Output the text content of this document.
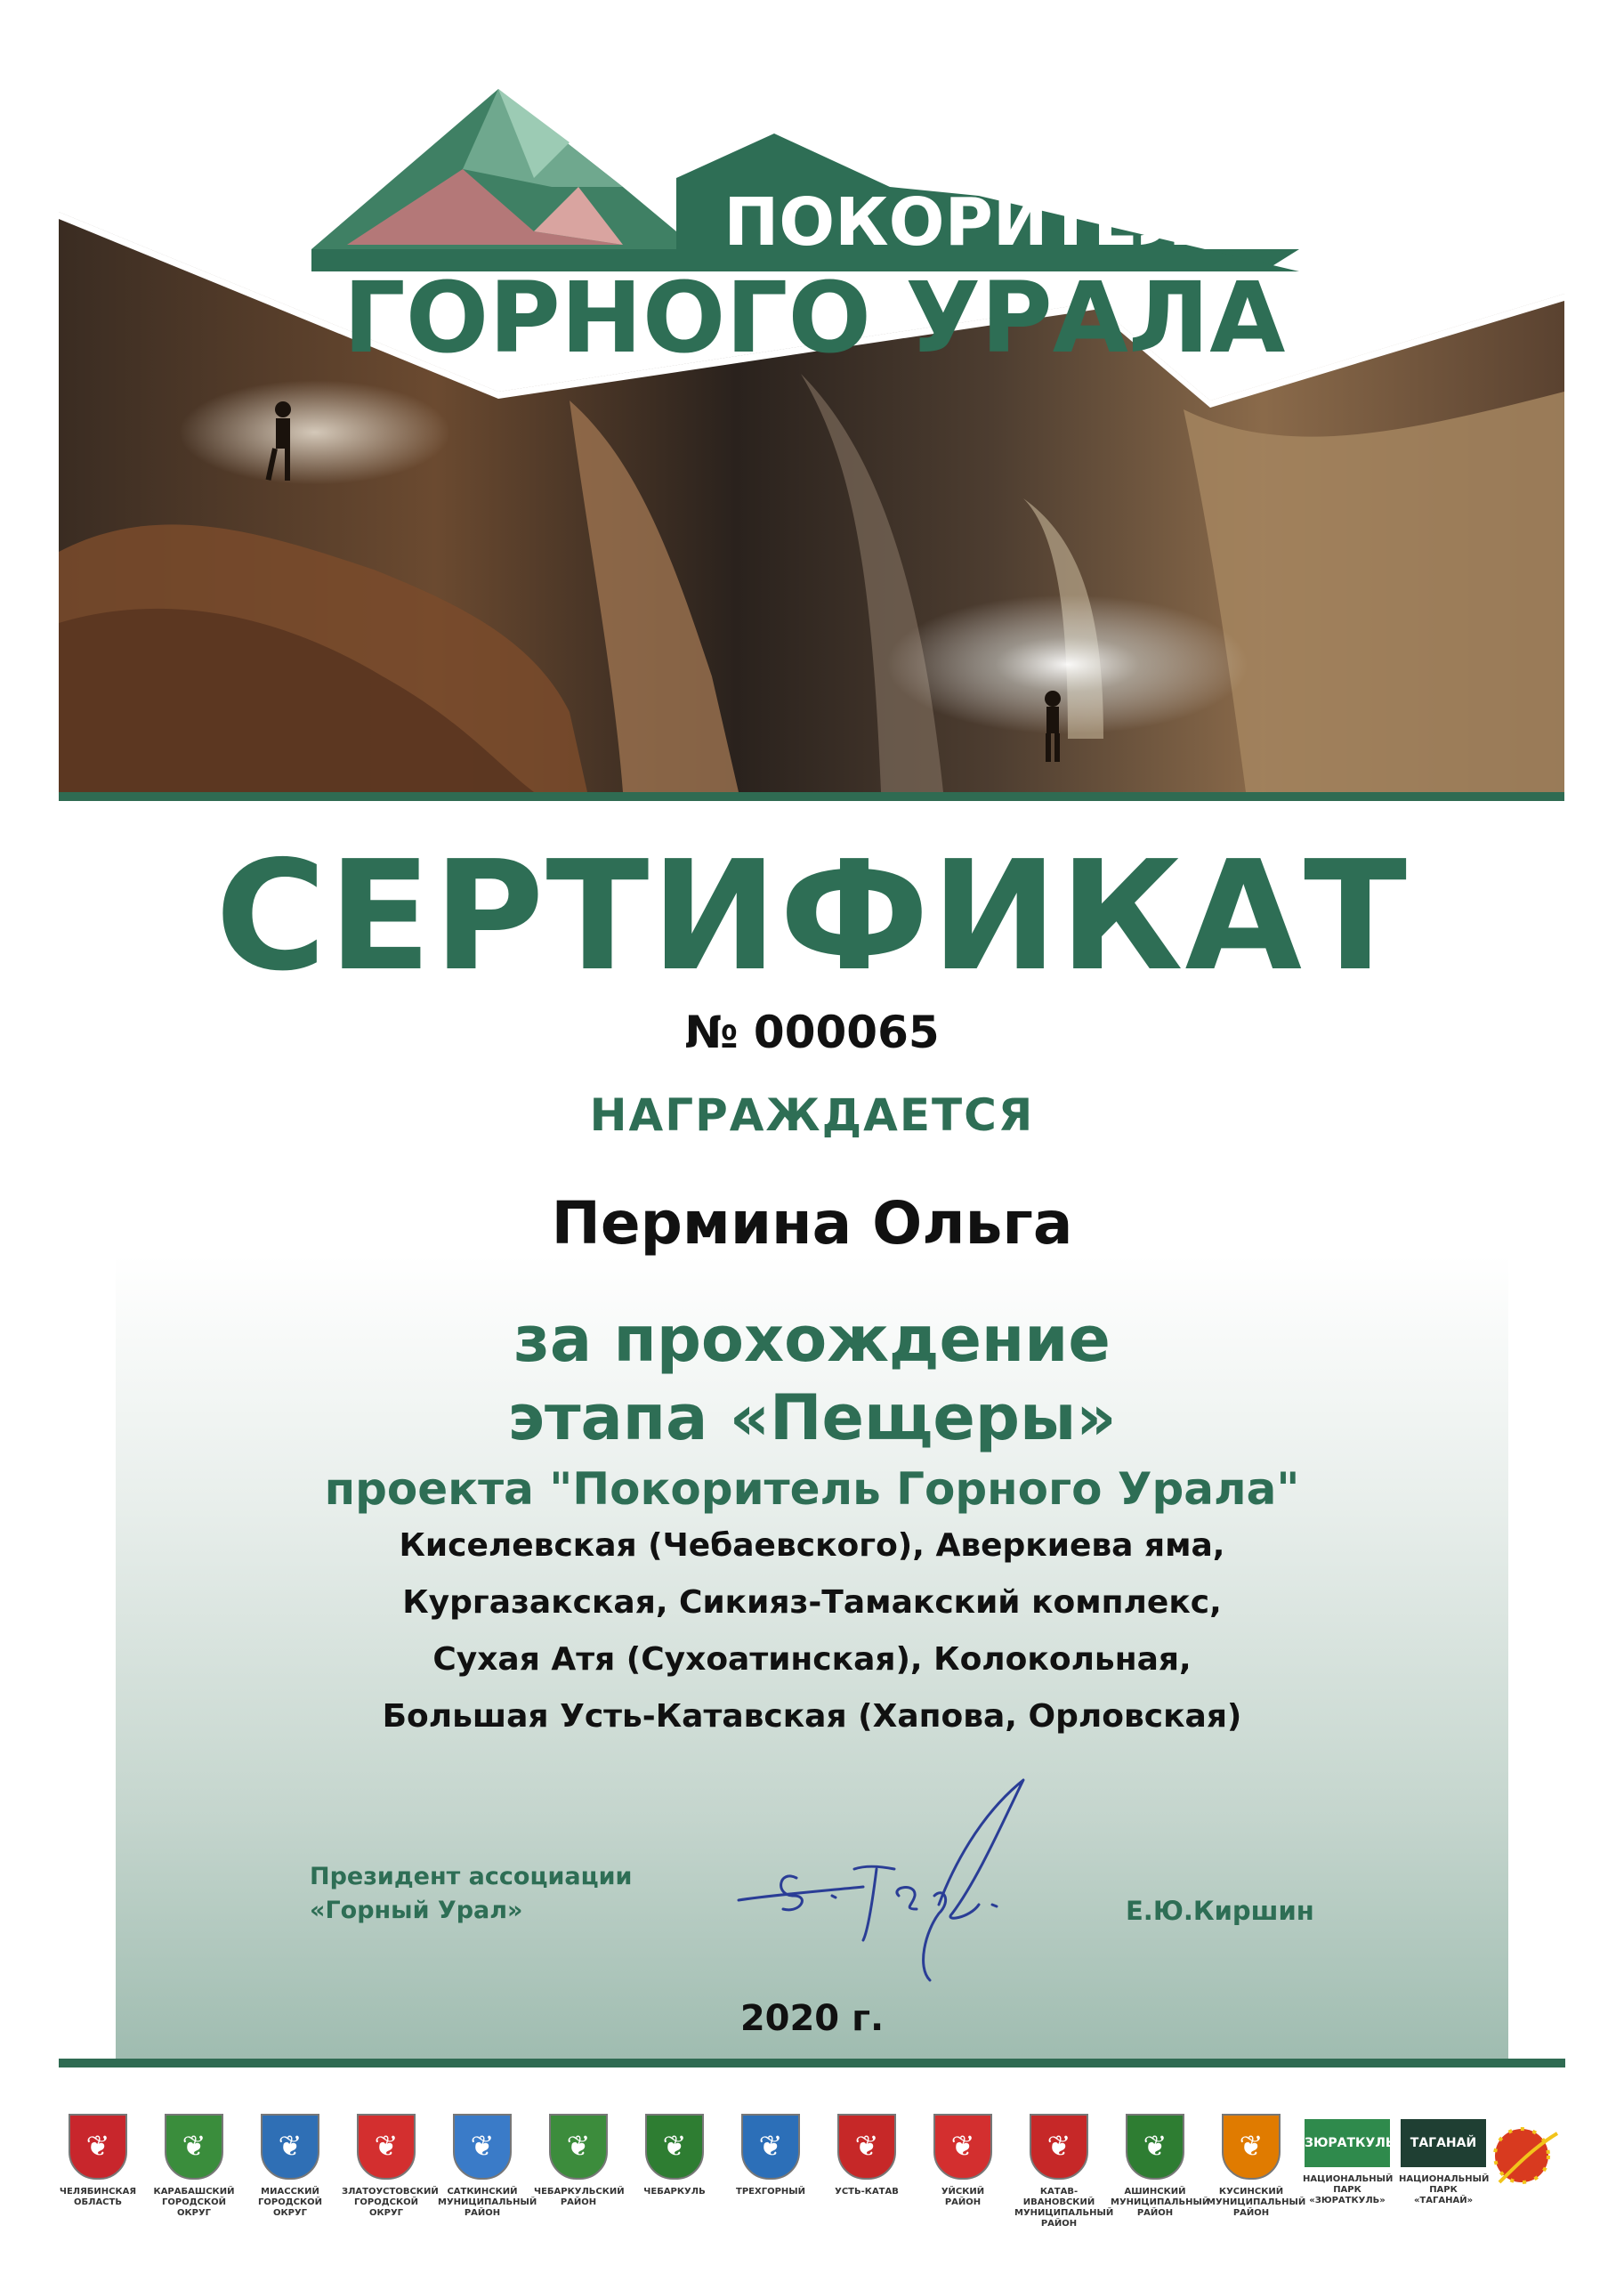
ПОКОРИТЕЛЬ
ГОРНОГО УРАЛА
СЕРТИФИКАТ
№ 000065
НАГРАЖДАЕТСЯ
Пермина Ольга
за прохождение
этапа «Пещеры»
проекта "Покоритель Горного Урала"
Киселевская (Чебаевского), Аверкиева яма,
Кургазакская, Сикияз-Тамакский комплекс,
Сухая Атя (Сухоатинская), Колокольная,
Большая Усть-Катавская (Хапова, Орловская)
Президент ассоциации
«Горный Урал»	Е.Ю.Киршин
2020 г.
❦
ЧЕЛЯБИНСКАЯ
ОБЛАСТЬ
❦
КАРАБАШСКИЙ
ГОРОДСКОЙ ОКРУГ
❦
МИАССКИЙ
ГОРОДСКОЙ ОКРУГ
❦
ЗЛАТОУСТОВСКИЙ
ГОРОДСКОЙ ОКРУГ
❦
САТКИНСКИЙ
МУНИЦИПАЛЬНЫЙ
РАЙОН
❦
ЧЕБАРКУЛЬСКИЙ
РАЙОН
❦
ЧЕБАРКУЛЬ
❦
ТРЕХГОРНЫЙ
❦
УСТЬ-КАТАВ
❦
УЙСКИЙ
РАЙОН
❦
КАТАВ-ИВАНОВСКИЙ
МУНИЦИПАЛЬНЫЙ
РАЙОН
❦
АШИНСКИЙ
МУНИЦИПАЛЬНЫЙ
РАЙОН
❦
КУСИНСКИЙ
МУНИЦИПАЛЬНЫЙ
РАЙОН
ЗЮРАТКУЛЬ
НАЦИОНАЛЬНЫЙ
ПАРК
«ЗЮРАТКУЛЬ»
ТАГАНАЙ
НАЦИОНАЛЬНЫЙ
ПАРК
«ТАГАНАЙ»
